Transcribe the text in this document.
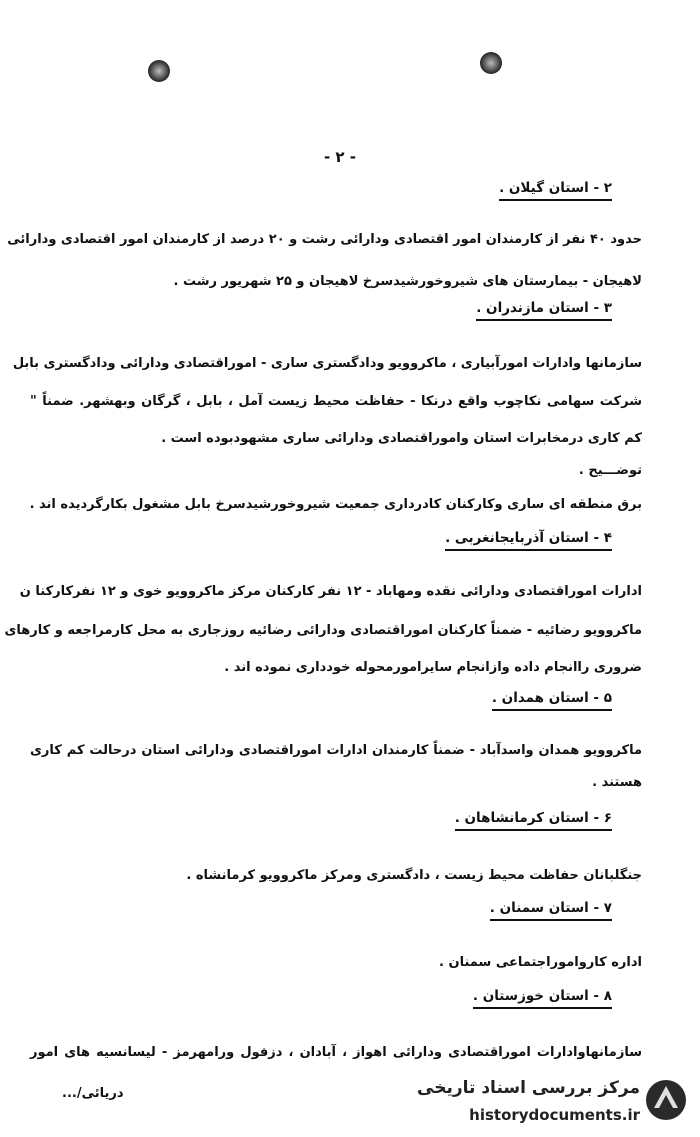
- ۲ -
۲ - استان گیلان .
حدود ۴۰ نفر از کارمندان امور اقتصادی ودارائی رشت و ۲۰ درصد از کارمندان امور اقتصادی ودارائی
لاهیجان - بیمارستان های شیروخورشیدسرخ لاهیجان و ۲۵ شهریور رشت .
۳ - استان مازندران .
سازمانها وادارات امورآبیاری ، ماکروویو ودادگستری ساری - اموراقتصادی ودارائی ودادگستری بابل
شرکت سهامی نکاچوب واقع درنکا - حفاظت محیط زیست آمل ، بابل ، گرگان وبهشهر. ضمناً "
کم کاری درمخابرات استان واموراقتصادی ودارائی ساری مشهودبوده است .
توضـــیح .
برق منطقه ای ساری وکارکنان کادرداری جمعیت شیروخورشیدسرخ بابل مشغول بکارگردیده اند .
۴ - استان آذربایجانغربی .
ادارات اموراقتصادی ودارائی نقده ومهاباد - ۱۲ نفر کارکنان مرکز ماکروویو خوی و ۱۲ نفرکارکنا ن
ماکروویو رضائیه - ضمناً کارکنان اموراقتصادی ودارائی رضائیه روزجاری به محل کارمراجعه و کارهای
ضروری راانجام داده وازانجام سایرامورمحوله خودداری نموده اند .
۵ - استان همدان .
ماکروویو همدان واسدآباد - ضمناً کارمندان ادارات اموراقتصادی ودارائی استان درحالت کم کاری
هستند .
۶ - استان کرمانشاهان .
جنگلبانان حفاظت محیط زیست ، دادگستری ومرکز ماکروویو کرمانشاه .
۷ - استان سمنان .
اداره کارواموراجتماعی سمنان .
۸ - استان خوزستان .
سازمانهاوادارات اموراقتصادی ودارائی اهواز ، آبادان ، دزفول ورامهرمز - لیسانسیه های امور
دریائی/...	مرکز بررسی اسناد تاریخی
historydocuments.ir
